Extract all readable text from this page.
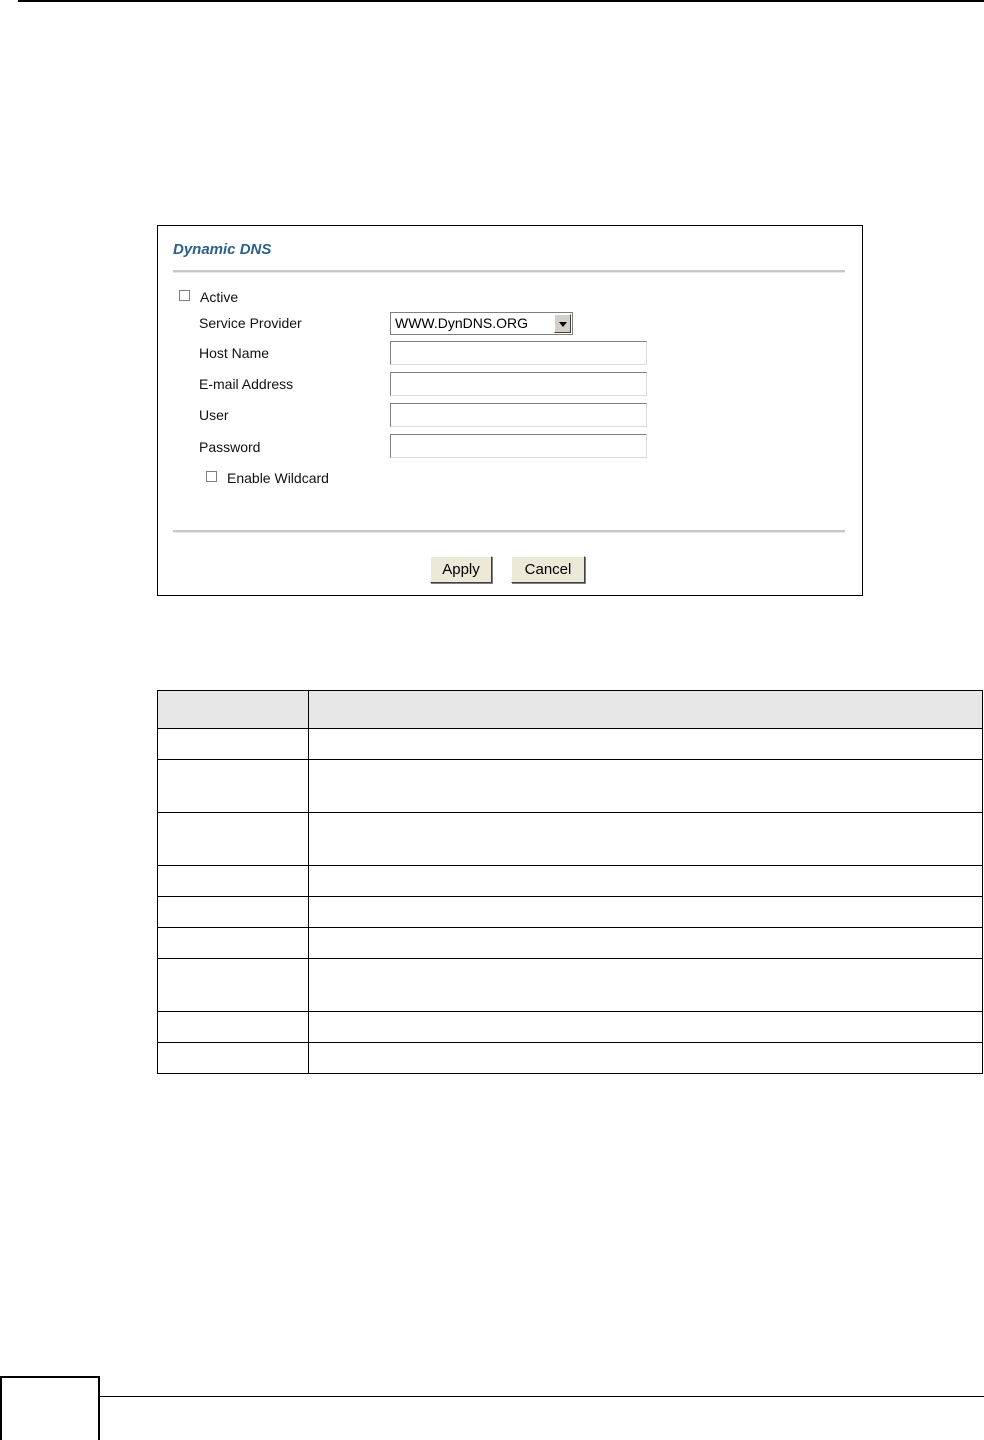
Dynamic DNS
Active
Service Provider	WWW.DynDNS.ORG
Host Name
E-mail Address
User
Password
Enable Wildcard
Apply	Cancel
